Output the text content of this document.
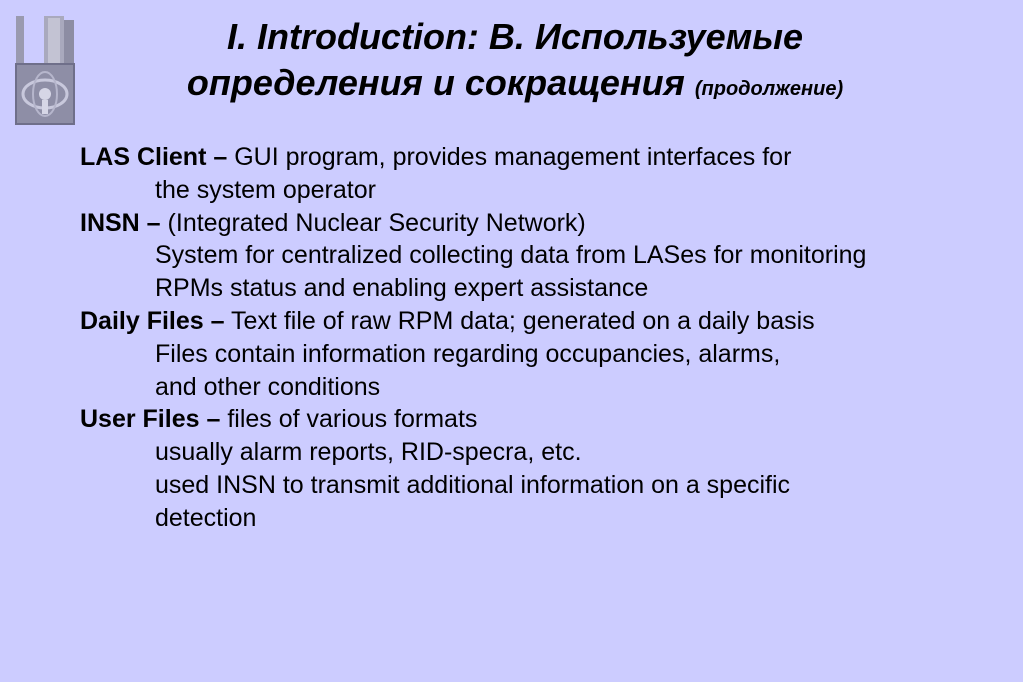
I. Introduction: B. Используемые
определения и сокращения (продолжение)
LAS Client – GUI program, provides management interfaces for
the system operator
INSN – (Integrated Nuclear Security Network)
System for centralized collecting data from LASes for monitoring
RPMs status and enabling expert assistance
Daily Files – Text file of raw RPM data; generated on a daily basis
Files contain information regarding occupancies, alarms,
and other conditions
User Files – files of various formats
usually alarm reports, RID-specra, etc.
used INSN to transmit additional information on a specific
detection
